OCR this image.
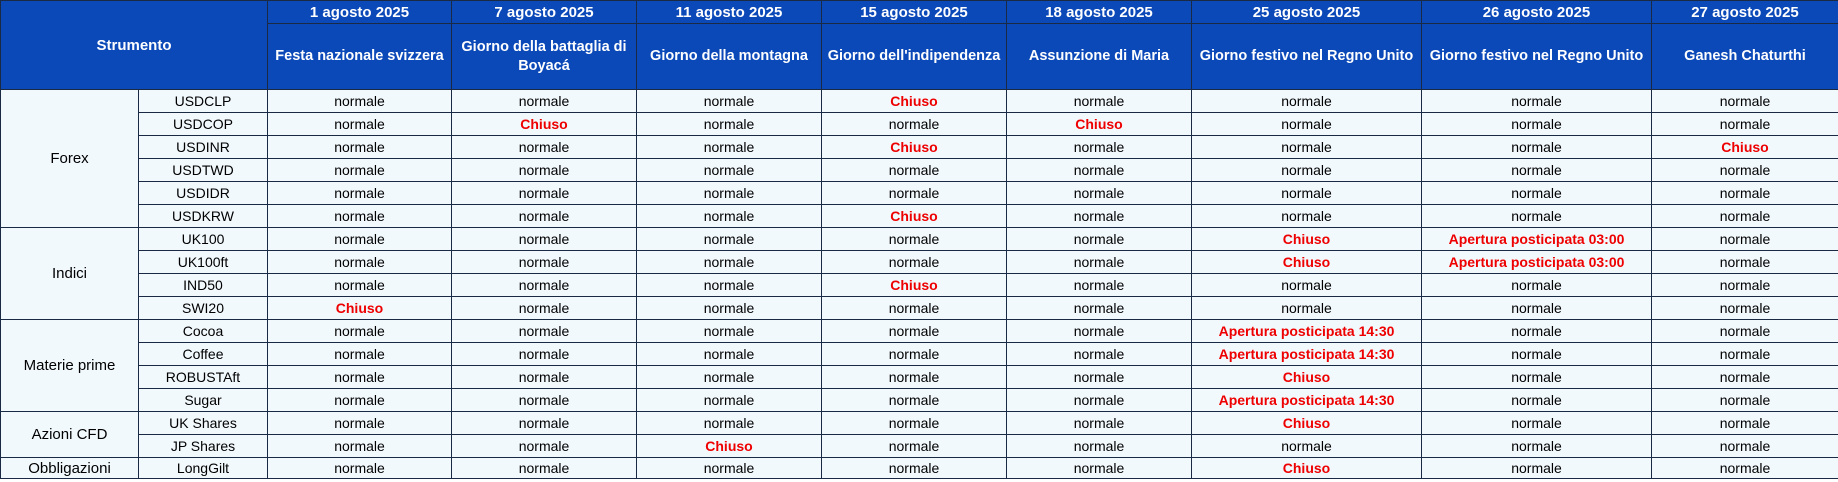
Strumento		1 agosto 2025	7 agosto 2025	11 agosto 2025	15 agosto 2025	18 agosto 2025	25 agosto 2025	26 agosto 2025	27 agosto 2025
		Festa nazionale svizzera	Giorno della battaglia di Boyacá	Giorno della montagna	Giorno dell'indipendenza	Assunzione di Maria	Giorno festivo nel Regno Unito	Giorno festivo nel Regno Unito	Ganesh Chaturthi
Forex	USDCLP	normale	normale	normale	Chiuso	normale	normale	normale	normale
	USDCOP	normale	Chiuso	normale	normale	Chiuso	normale	normale	normale
	USDINR	normale	normale	normale	Chiuso	normale	normale	normale	Chiuso
	USDTWD	normale	normale	normale	normale	normale	normale	normale	normale
	USDIDR	normale	normale	normale	normale	normale	normale	normale	normale
	USDKRW	normale	normale	normale	Chiuso	normale	normale	normale	normale
Indici	UK100	normale	normale	normale	normale	normale	Chiuso	Apertura posticipata 03:00	normale
	UK100ft	normale	normale	normale	normale	normale	Chiuso	Apertura posticipata 03:00	normale
	IND50	normale	normale	normale	Chiuso	normale	normale	normale	normale
	SWI20	Chiuso	normale	normale	normale	normale	normale	normale	normale
Materie prime	Cocoa	normale	normale	normale	normale	normale	Apertura posticipata 14:30	normale	normale
	Coffee	normale	normale	normale	normale	normale	Apertura posticipata 14:30	normale	normale
	ROBUSTAft	normale	normale	normale	normale	normale	Chiuso	normale	normale
	Sugar	normale	normale	normale	normale	normale	Apertura posticipata 14:30	normale	normale
Azioni CFD	UK Shares	normale	normale	normale	normale	normale	Chiuso	normale	normale
	JP Shares	normale	normale	Chiuso	normale	normale	normale	normale	normale
Obbligazioni	LongGilt	normale	normale	normale	normale	normale	Chiuso	normale	normale
